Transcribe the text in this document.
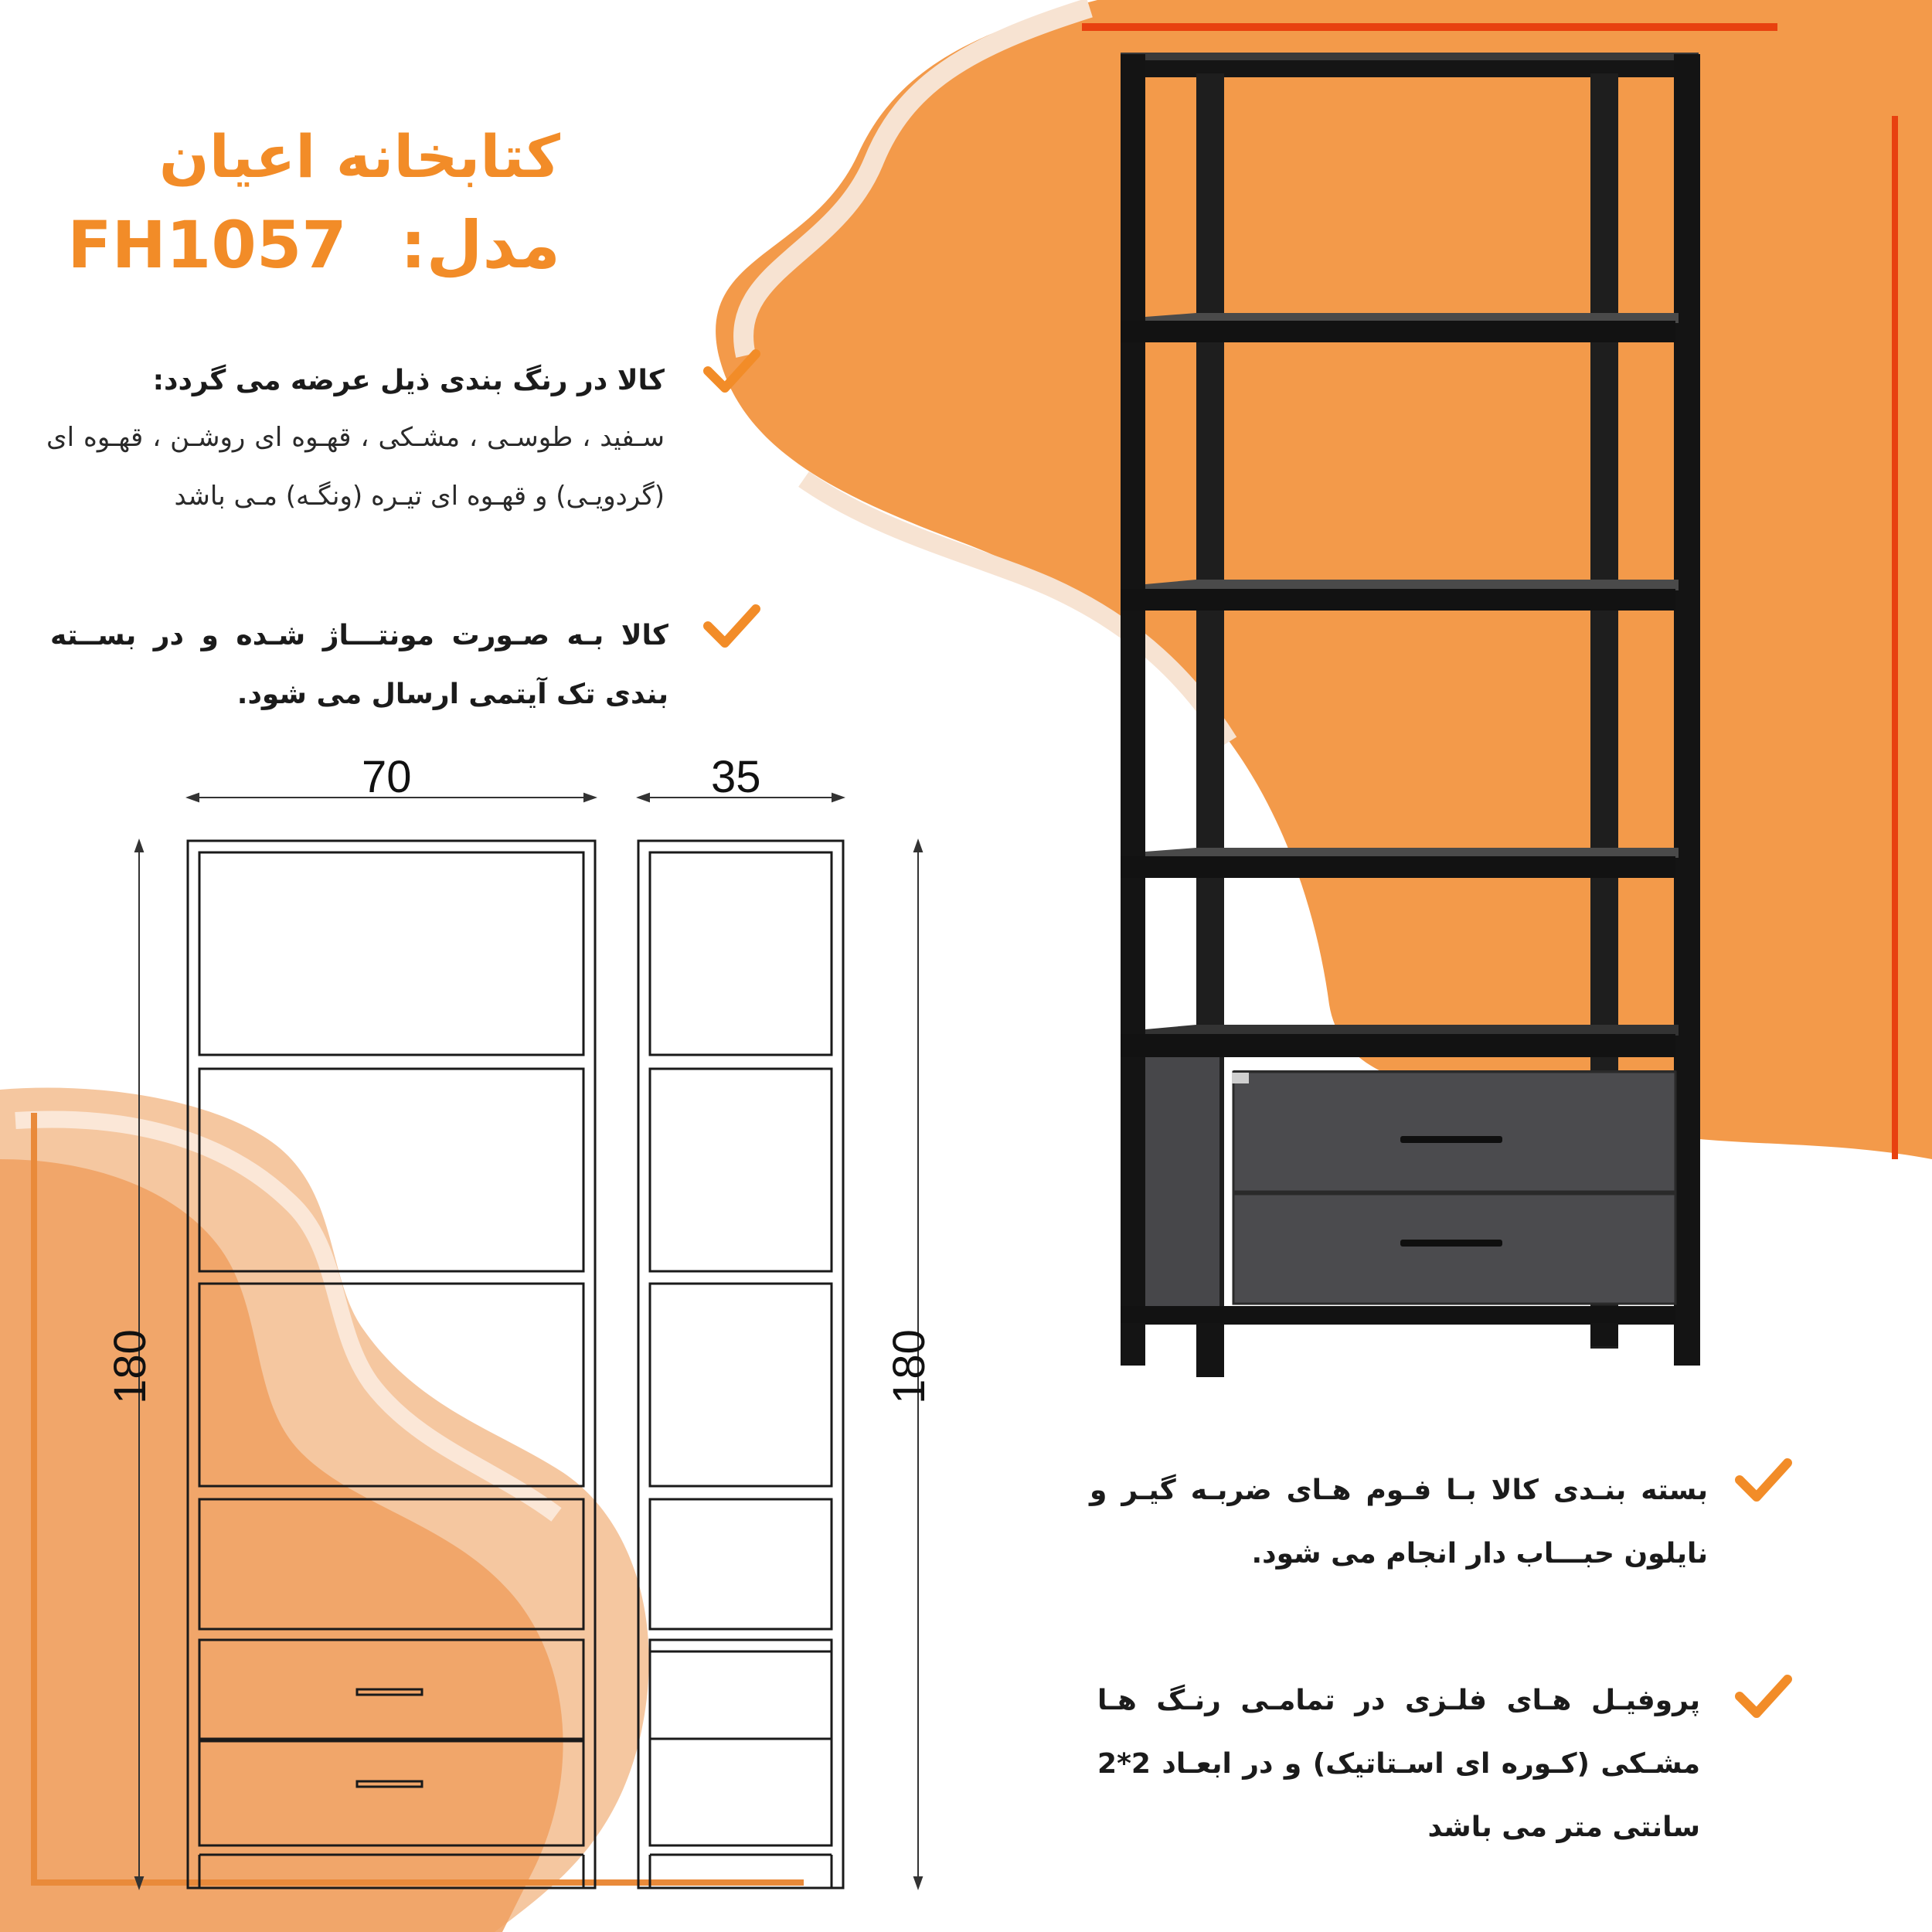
کتابخانه اعیان
مدل: FH1057
کالا در رنگ بندی ذیل عرضه می گردد:
سـفید ، طوسـی ، مشـکی ، قهـوه ای روشـن ، قهـوه ای (گردویـی) و قهـوه ای تیـره (ونگـه) مـی باشد
کالا بـه صـورت مونتـــاژ شـده و در بســته بندی تک آیتمی ارسال می شود.
بسته بنـدی کالا بـا فـوم هـای ضربـه گیـر و نایلون حبـــاب دار انجام می شود.
پروفیـل هـای فلـزی در تمامـی رنـگ هـا مشـکی (کـوره ای اسـتاتیک) و در ابعـاد 2*2 سانتی متر می باشد
70	35
180	180
